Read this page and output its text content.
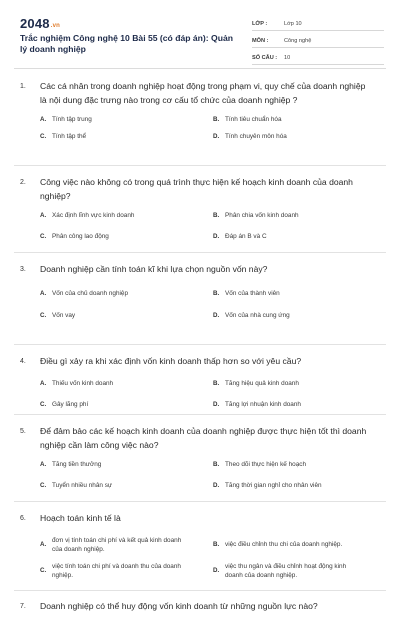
2048.vn
Trắc nghiệm Công nghệ 10 Bài 55 (có đáp án): Quản lý doanh nghiệp
LỚP :	Lớp 10
MÔN :	Công nghệ
SỐ CÂU :	10
1.	Các cá nhân trong doanh nghiệp hoạt động trong phạm vi, quy chế của doanh nghiệp là nội dung đặc trưng nào trong cơ cấu tổ chức của doanh nghiệp ?
A. Tính tập trung	B. Tính tiêu chuẩn hóa
C. Tính tập thể	D. Tính chuyên môn hóa
2.	Công việc nào không có trong quá trình thực hiện kế hoạch kinh doanh của doanh nghiệp?
A. Xác định lĩnh vực kinh doanh	B. Phân chia vốn kinh doanh
C. Phân công lao động	D. Đáp án B và C
3.	Doanh nghiệp cần tính toán kĩ khi lựa chọn nguồn vốn này?
A. Vốn của chủ doanh nghiệp	B. Vốn của thành viên
C. Vốn vay	D. Vốn của nhà cung ứng
4.	Điều gì xảy ra khi xác định vốn kinh doanh thấp hơn so với yêu cầu?
A. Thiếu vốn kinh doanh	B. Tăng hiệu quả kinh doanh
C. Gây lãng phí	D. Tăng lợi nhuận kinh doanh
5.	Để đảm bảo các kế hoạch kinh doanh của doanh nghiệp được thực hiện tốt thì doanh nghiệp cần làm công việc nào?
A. Tăng tiền thưởng	B. Theo dõi thực hiện kế hoạch
C. Tuyển nhiều nhân sự	D. Tăng thời gian nghỉ cho nhân viên
6.	Hoạch toán kinh tế là
A.
đơn vị tính toán chi phí và kết quả kinh doanh của doanh nghiệp.
B. việc điều chỉnh thu chi của doanh nghiệp.
C.
việc tính toán chi phí và doanh thu của doanh nghiệp.
D.
việc thu ngân và điều chỉnh hoạt động kinh doanh của doanh nghiệp.
7.	Doanh nghiệp có thể huy động vốn kinh doanh từ những nguồn lực nào?
